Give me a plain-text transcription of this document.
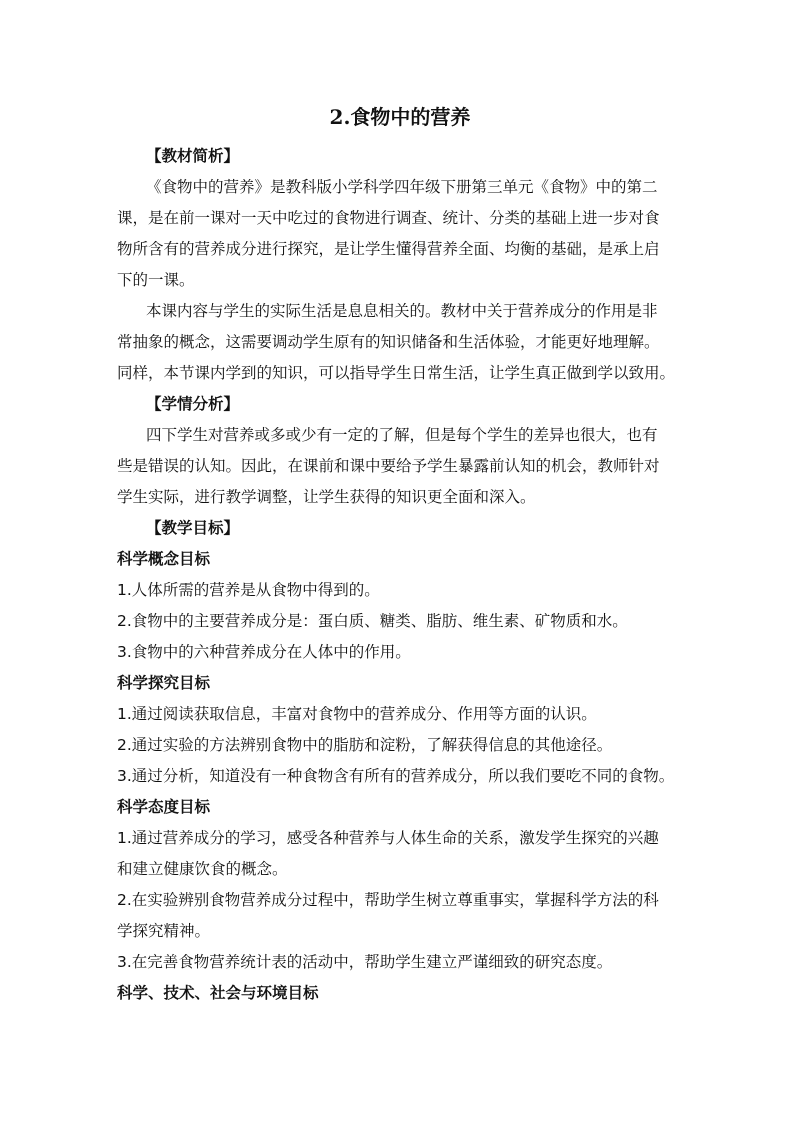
2.食物中的营养
【教材简析】
《食物中的营养》是教科版小学科学四年级下册第三单元《食物》中的第二
课，是在前一课对一天中吃过的食物进行调查、统计、分类的基础上进一步对食
物所含有的营养成分进行探究，是让学生懂得营养全面、均衡的基础，是承上启
下的一课。
本课内容与学生的实际生活是息息相关的。教材中关于营养成分的作用是非
常抽象的概念，这需要调动学生原有的知识储备和生活体验，才能更好地理解。
同样，本节课内学到的知识，可以指导学生日常生活，让学生真正做到学以致用。
【学情分析】
四下学生对营养或多或少有一定的了解，但是每个学生的差异也很大，也有
些是错误的认知。因此，在课前和课中要给予学生暴露前认知的机会，教师针对
学生实际，进行教学调整，让学生获得的知识更全面和深入。
【教学目标】
科学概念目标
1.人体所需的营养是从食物中得到的。
2.食物中的主要营养成分是：蛋白质、糖类、脂肪、维生素、矿物质和水。
3.食物中的六种营养成分在人体中的作用。
科学探究目标
1.通过阅读获取信息，丰富对食物中的营养成分、作用等方面的认识。
2.通过实验的方法辨别食物中的脂肪和淀粉，了解获得信息的其他途径。
3.通过分析，知道没有一种食物含有所有的营养成分，所以我们要吃不同的食物。
科学态度目标
1.通过营养成分的学习，感受各种营养与人体生命的关系，激发学生探究的兴趣
和建立健康饮食的概念。
2.在实验辨别食物营养成分过程中，帮助学生树立尊重事实，掌握科学方法的科
学探究精神。
3.在完善食物营养统计表的活动中，帮助学生建立严谨细致的研究态度。
科学、技术、社会与环境目标
